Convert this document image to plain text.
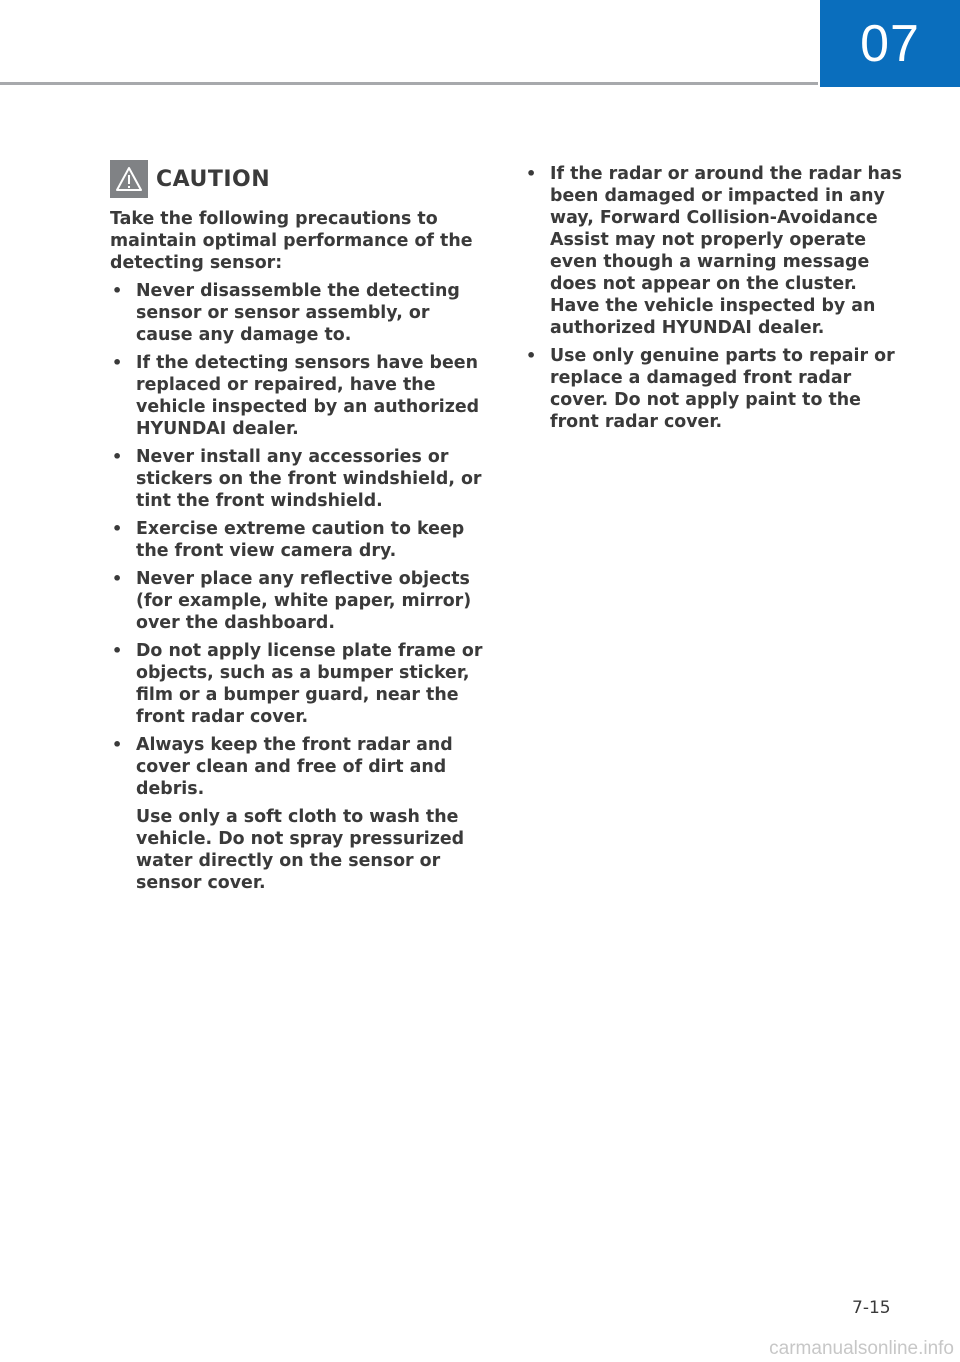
07
CAUTION

Take the following precautions to maintain optimal performance of the detecting sensor:

• Never disassemble the detecting sensor or sensor assembly, or cause any damage to.
• If the detecting sensors have been replaced or repaired, have the vehicle inspected by an authorized HYUNDAI dealer.
• Never install any accessories or stickers on the front windshield, or tint the front windshield.
• Exercise extreme caution to keep the front view camera dry.
• Never place any reflective objects (for example, white paper, mirror) over the dashboard.
• Do not apply license plate frame or objects, such as a bumper sticker, film or a bumper guard, near the front radar cover.
• Always keep the front radar and cover clean and free of dirt and debris.
Use only a soft cloth to wash the vehicle. Do not spray pressurized water directly on the sensor or sensor cover.
• If the radar or around the radar has been damaged or impacted in any way, Forward Collision-Avoidance Assist may not properly operate even though a warning message does not appear on the cluster. Have the vehicle inspected by an authorized HYUNDAI dealer.
• Use only genuine parts to repair or replace a damaged front radar cover. Do not apply paint to the front radar cover.
7-15
carmanualsonline.info
